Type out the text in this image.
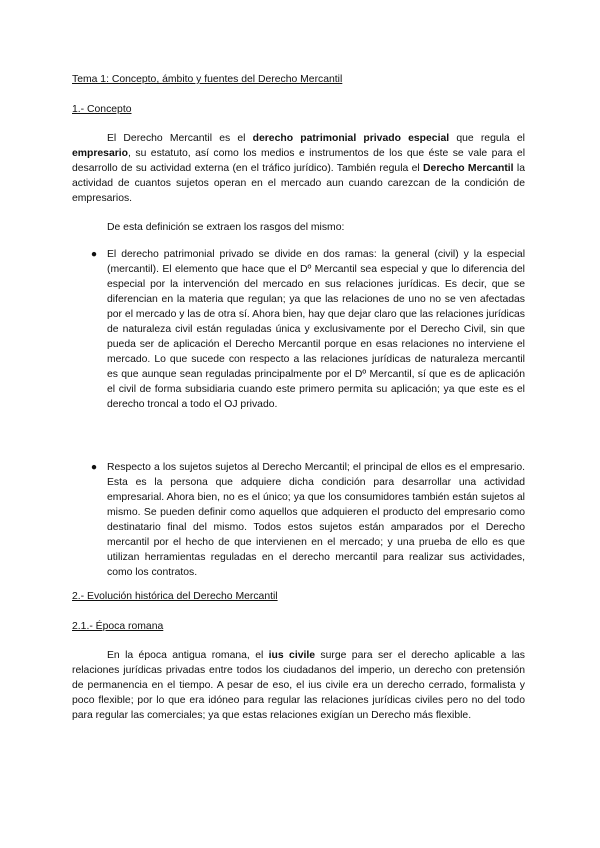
Tema 1: Concepto, ámbito y fuentes del Derecho Mercantil
1.- Concepto
El Derecho Mercantil es el derecho patrimonial privado especial que regula el empresario, su estatuto, así como los medios e instrumentos de los que éste se vale para el desarrollo de su actividad externa (en el tráfico jurídico). También regula el Derecho Mercantil la actividad de cuantos sujetos operan en el mercado aun cuando carezcan de la condición de empresarios.
De esta definición se extraen los rasgos del mismo:
● El derecho patrimonial privado se divide en dos ramas: la general (civil) y la especial (mercantil). El elemento que hace que el Dº Mercantil sea especial y que lo diferencia del especial por la intervención del mercado en sus relaciones jurídicas. Es decir, que se diferencian en la materia que regulan; ya que las relaciones de uno no se ven afectadas por el mercado y las de otra sí. Ahora bien, hay que dejar claro que las relaciones jurídicas de naturaleza civil están reguladas única y exclusivamente por el Derecho Civil, sin que pueda ser de aplicación el Derecho Mercantil porque en esas relaciones no interviene el mercado. Lo que sucede con respecto a las relaciones jurídicas de naturaleza mercantil es que aunque sean reguladas principalmente por el Dº Mercantil, sí que es de aplicación el civil de forma subsidiaria cuando este primero permita su aplicación; ya que este es el derecho troncal a todo el OJ privado.
● Respecto a los sujetos sujetos al Derecho Mercantil; el principal de ellos es el empresario. Esta es la persona que adquiere dicha condición para desarrollar una actividad empresarial. Ahora bien, no es el único; ya que los consumidores también están sujetos al mismo. Se pueden definir como aquellos que adquieren el producto del empresario como destinatario final del mismo. Todos estos sujetos están amparados por el Derecho mercantil por el hecho de que intervienen en el mercado; y una prueba de ello es que utilizan herramientas reguladas en el derecho mercantil para realizar sus actividades, como los contratos.
2.- Evolución histórica del Derecho Mercantil
2.1.- Época romana
En la época antigua romana, el ius civile surge para ser el derecho aplicable a las relaciones jurídicas privadas entre todos los ciudadanos del imperio, un derecho con pretensión de permanencia en el tiempo. A pesar de eso, el ius civile era un derecho cerrado, formalista y poco flexible; por lo que era idóneo para regular las relaciones jurídicas civiles pero no del todo para regular las comerciales; ya que estas relaciones exigían un Derecho más flexible.
